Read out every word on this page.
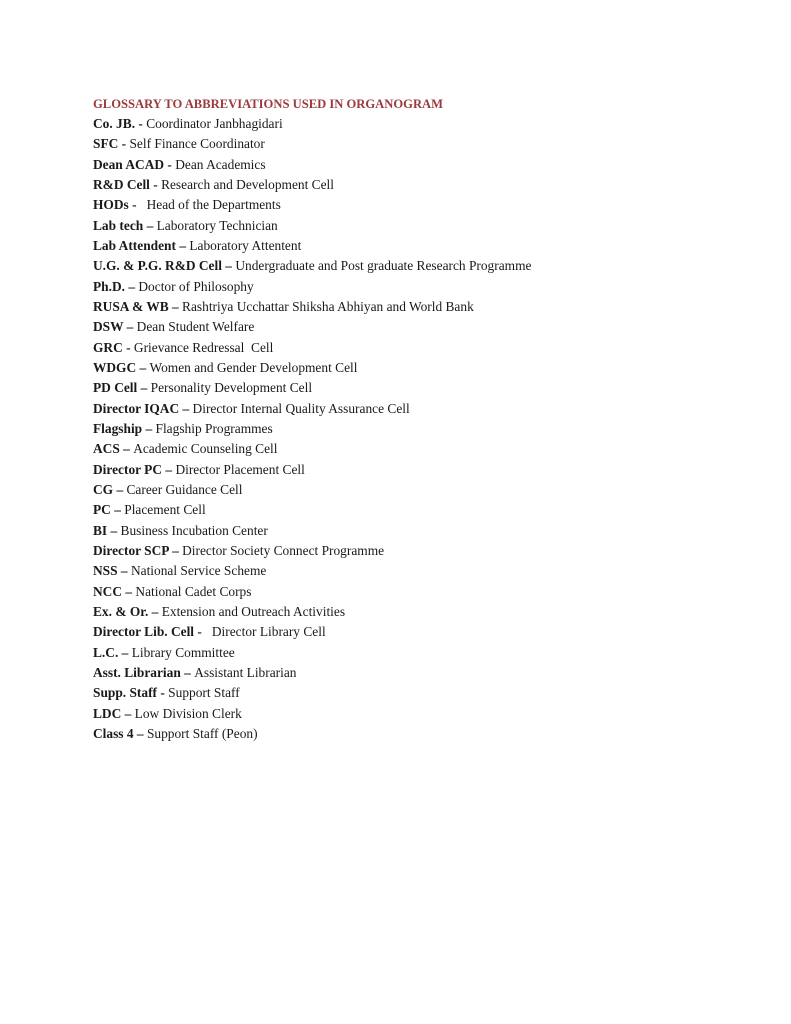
GLOSSARY TO ABBREVIATIONS USED IN ORGANOGRAM
Co. JB. - Coordinator Janbhagidari
SFC - Self Finance Coordinator
Dean ACAD - Dean Academics
R&D Cell - Research and Development Cell
HODs -   Head of the Departments
Lab tech – Laboratory Technician
Lab Attendent – Laboratory Attentent
U.G. & P.G. R&D Cell – Undergraduate and Post graduate Research Programme
Ph.D. – Doctor of Philosophy
RUSA & WB – Rashtriya Ucchattar Shiksha Abhiyan and World Bank
DSW – Dean Student Welfare
GRC - Grievance Redressal  Cell
WDGC – Women and Gender Development Cell
PD Cell – Personality Development Cell
Director IQAC – Director Internal Quality Assurance Cell
Flagship – Flagship Programmes
ACS – Academic Counseling Cell
Director PC – Director Placement Cell
CG – Career Guidance Cell
PC – Placement Cell
BI – Business Incubation Center
Director SCP – Director Society Connect Programme
NSS – National Service Scheme
NCC – National Cadet Corps
Ex. & Or. – Extension and Outreach Activities
Director Lib. Cell -   Director Library Cell
L.C. – Library Committee
Asst. Librarian – Assistant Librarian
Supp. Staff - Support Staff
LDC – Low Division Clerk
Class 4 – Support Staff (Peon)
